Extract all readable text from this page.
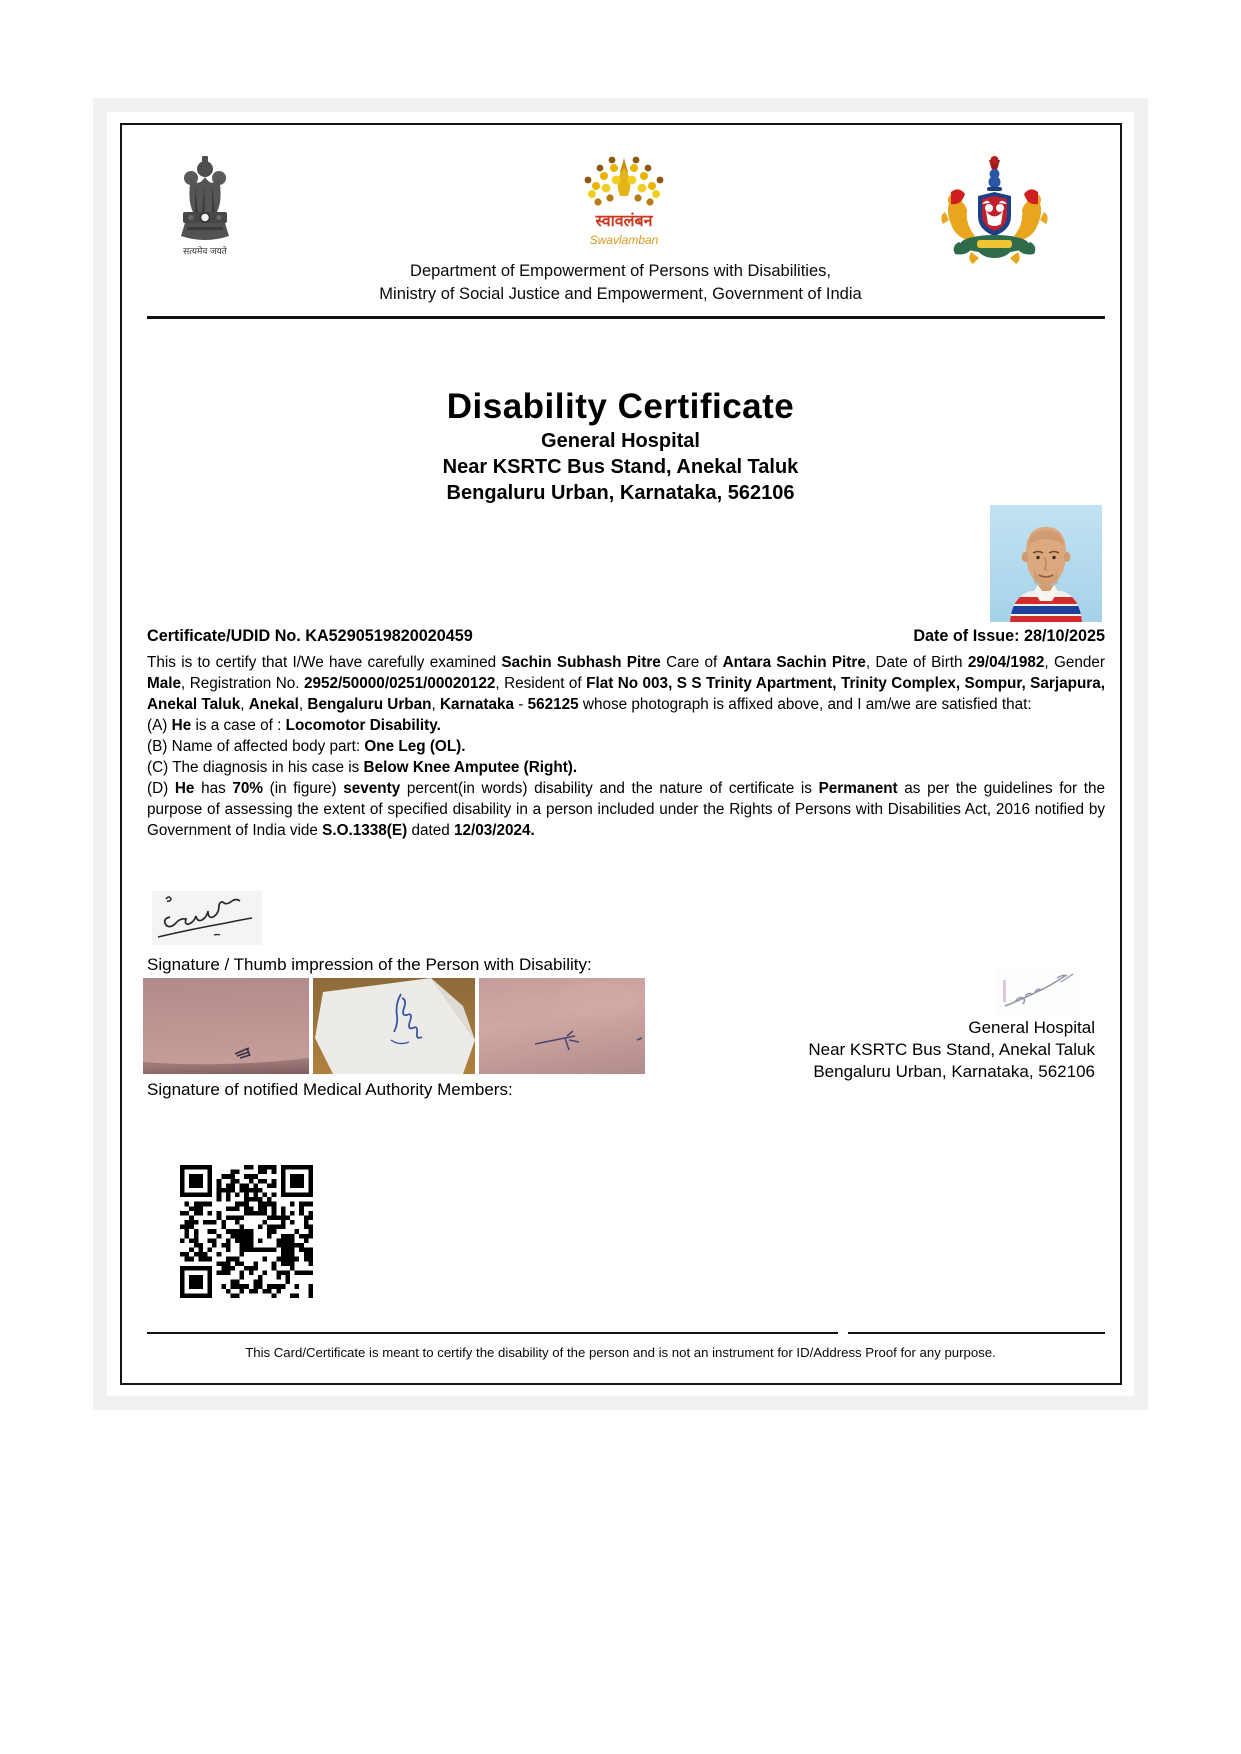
सत्यमेव जयते
स्वावलंबन
Swavlamban
Department of Empowerment of Persons with Disabilities,
Ministry of Social Justice and Empowerment, Government of India
Disability Certificate
General Hospital
Near KSRTC Bus Stand, Anekal Taluk
Bengaluru Urban, Karnataka, 562106
Certificate/UDID No. KA5290519820020459	Date of Issue: 28/10/2025
This is to certify that I/We have carefully examined Sachin Subhash Pitre Care of Antara Sachin Pitre, Date of Birth 29/04/1982, Gender Male, Registration No. 2952/50000/0251/00020122, Resident of Flat No 003, S S Trinity Apartment, Trinity Complex, Sompur, Sarjapura, Anekal Taluk, Anekal, Bengaluru Urban, Karnataka - 562125 whose photograph is affixed above, and I am/we are satisfied that:
(A) He is a case of : Locomotor Disability.
(B) Name of affected body part: One Leg (OL).
(C) The diagnosis in his case is Below Knee Amputee (Right).
(D) He has 70% (in figure) seventy percent(in words) disability and the nature of certificate is Permanent as per the guidelines for the purpose of assessing the extent of specified disability in a person included under the Rights of Persons with Disabilities Act, 2016 notified by Government of India vide S.O.1338(E) dated 12/03/2024.
Signature / Thumb impression of the Person with Disability:
Signature of notified Medical Authority Members:
General Hospital
Near KSRTC Bus Stand, Anekal Taluk
Bengaluru Urban, Karnataka, 562106
This Card/Certificate is meant to certify the disability of the person and is not an instrument for ID/Address Proof for any purpose.
